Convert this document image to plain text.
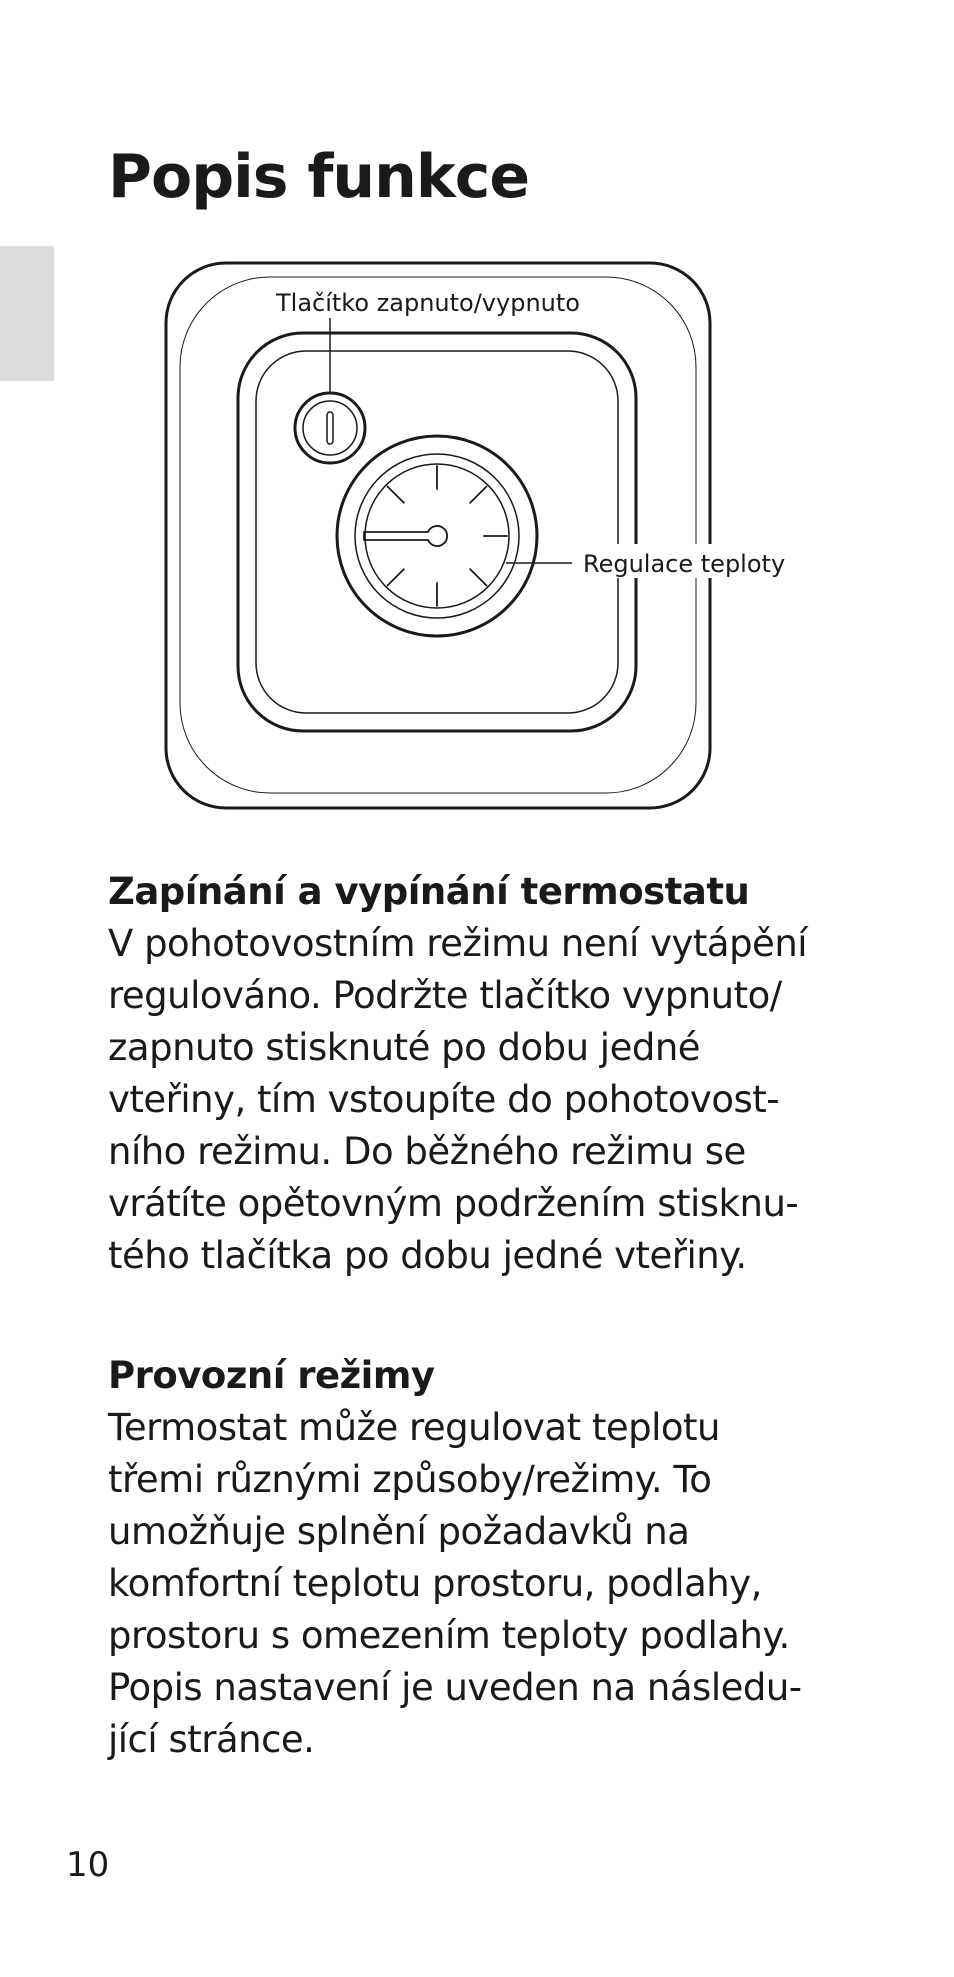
Popis funkce
Tlačítko zapnuto/vypnuto
Regulace teploty
Zapínání a vypínání termostatu

V pohotovostním režimu není vytápění
regulováno. Podržte tlačítko vypnuto/
zapnuto stisknuté po dobu jedné
vteřiny, tím vstoupíte do pohotovost-
ního režimu. Do běžného režimu se
vrátíte opětovným podržením stisknu-
tého tlačítka po dobu jedné vteřiny.

Provozní režimy

Termostat může regulovat teplotu
třemi různými způsoby/režimy. To
umožňuje splnění požadavků na
komfortní teplotu prostoru, podlahy,
prostoru s omezením teploty podlahy.
Popis nastavení je uveden na následu-
jící stránce.

10
